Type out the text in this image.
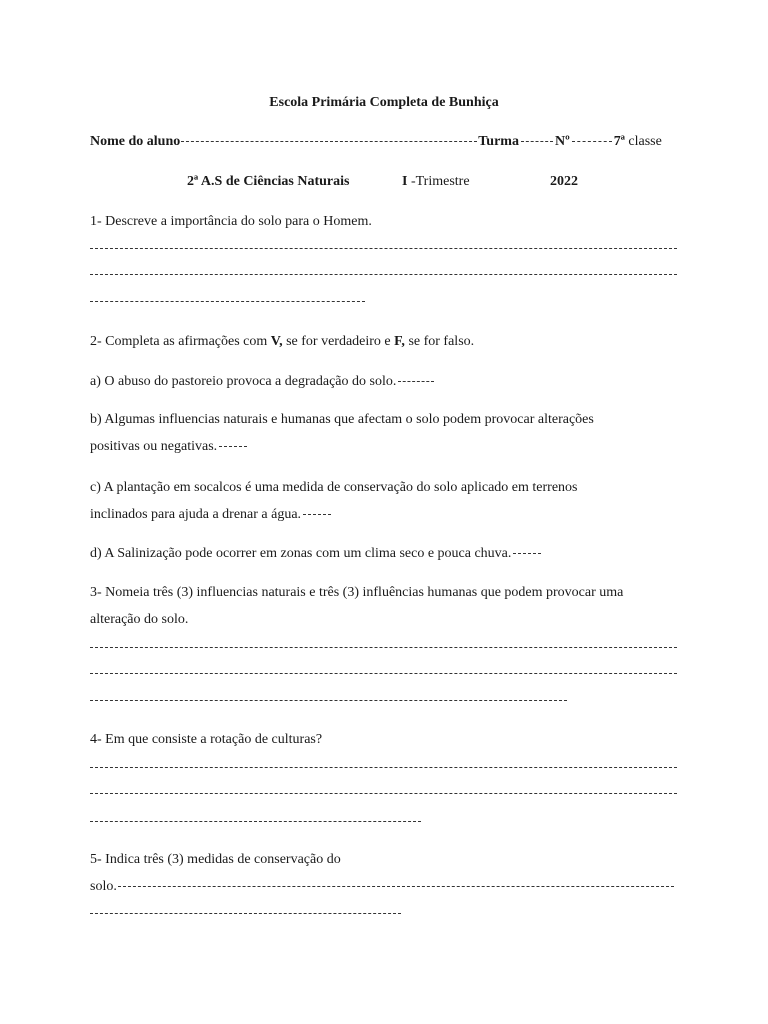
Escola Primária Completa de Bunhiça
Nome do aluno	Turma	Nº	7ª classe
2ª A.S de Ciências Naturais	I -Trimestre	2022
1- Descreve a importância do solo para o Homem.
2- Completa as afirmações com V, se for verdadeiro e F, se for falso.
a) O abuso do pastoreio provoca a degradação do solo.
b) Algumas influencias naturais e humanas que afectam o solo podem provocar alterações
positivas ou negativas.
c) A plantação em socalcos é uma medida de conservação do solo aplicado em terrenos
inclinados para ajuda a drenar a água.
d) A Salinização pode ocorrer em zonas com um clima seco e pouca chuva.
3- Nomeia três (3) influencias naturais e três (3) influências humanas que podem provocar uma
alteração do solo.
4- Em que consiste a rotação de culturas?
5- Indica três (3) medidas de conservação do
solo.
